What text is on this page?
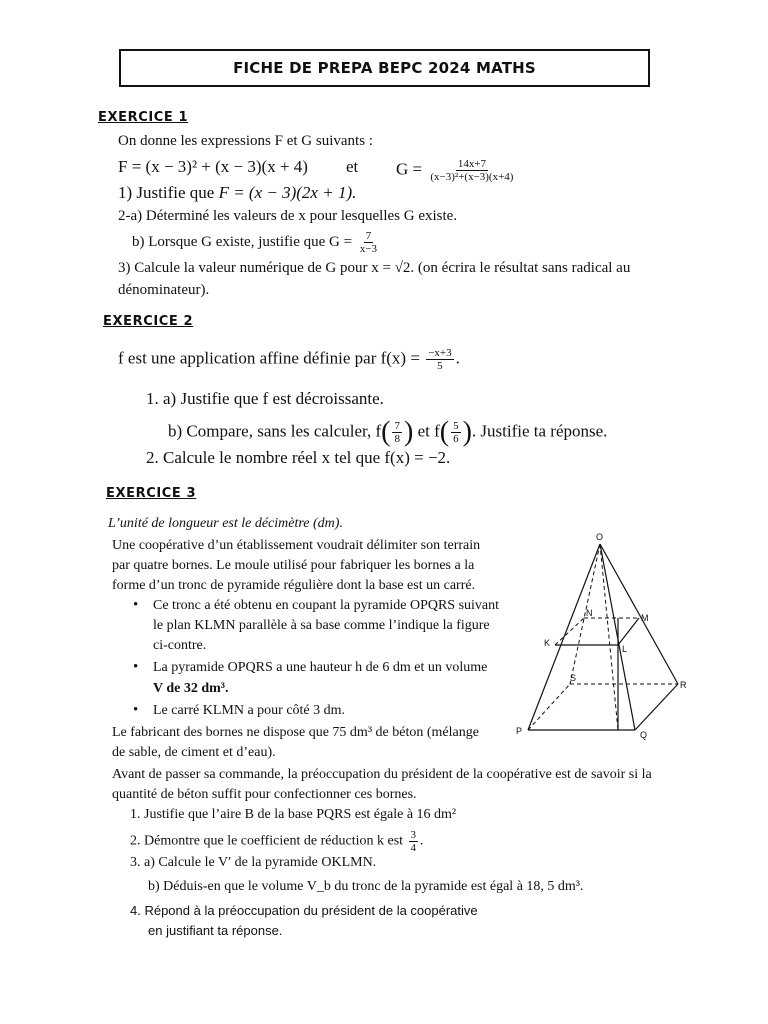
FICHE DE PREPA BEPC 2024 MATHS
EXERCICE 1
On donne les expressions F et G suivants :
F = (x − 3)² + (x − 3)(x + 4) et $G = \frac{14x+7}{\text{(x−3)²+(x−3)(x+4)}}$
1) Justifie que F = (x − 3)(2x + 1).
2-a) Déterminé les valeurs de x pour lesquelles G existe.
b) Lorsque G existe, justifie que $G = \frac{7}{x-3}$
3) Calcule la valeur numérique de G pour x = √2. (on écrira le résultat sans radical au
dénominateur).
EXERCICE 2
f est une application affine définie par $f(x) = \frac{-x+3}{5}$ .
1. a) Justifie que f est décroissante.
b) Compare, sans les calculer, $f( \frac{7}{8}$ ) et $f( \frac{5}{6}$ ). Justifie ta réponse.
2. Calcule le nombre réel x tel que f(x) = −2.
EXERCICE 3
L’unité de longueur est le décimètre (dm).
Une coopérative d’un établissement voudrait délimiter son terrain
par quatre bornes. Le moule utilisé pour fabriquer les bornes a la
forme d’un tronc de pyramide régulière dont la base est un carré.
• Ce tronc a été obtenu en coupant la pyramide OPQRS suivant
le plan KLMN parallèle à sa base comme l’indique la figure
ci-contre.
• La pyramide OPQRS a une hauteur h de 6 dm et un volume
V de 32 dm³.
• Le carré KLMN a pour côté 3 dm.
Le fabricant des bornes ne dispose que 75 dm³ de béton (mélange
de sable, de ciment et d’eau).
O
N	M
K
L
S
R
P	Q
Avant de passer sa commande, la préoccupation du président de la coopérative est de savoir si la
quantité de béton suffit pour confectionner ces bornes.
1. Justifie que l’aire B de la base PQRS est égale à 16 dm²
2. Démontre que le coefficient de réduction k est $\frac{3}{4}$ .
3. a) Calcule le V′ de la pyramide OKLMN.
b) Déduis-en que le volume V_b du tronc de la pyramide est égal à 18, 5 dm³.
4. Répond à la préoccupation du président de la coopérative
en justifiant ta réponse.
